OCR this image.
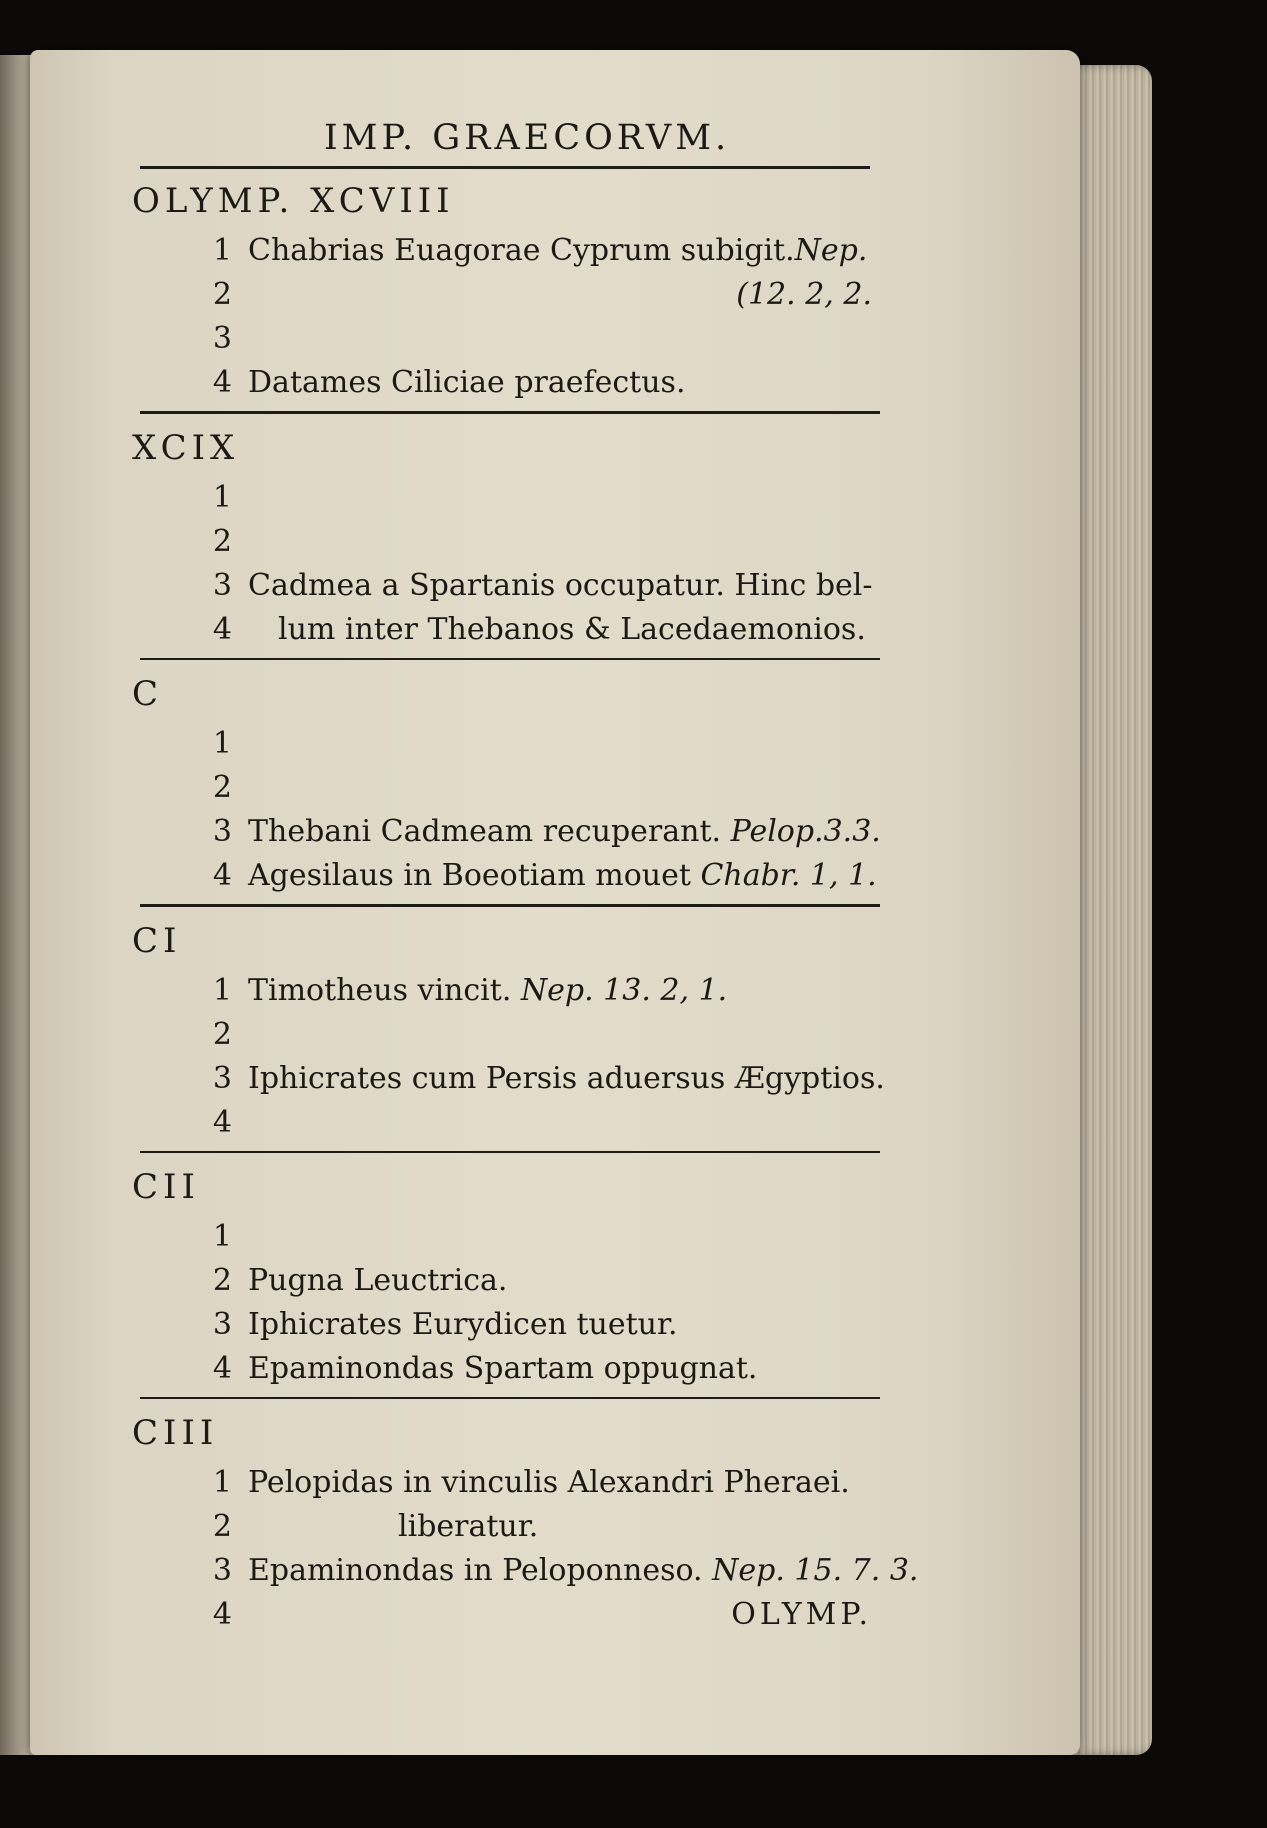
IMP. GRAECORVM.
OLYMP. XCVIII
1 Chabrias Euagorae Cyprum subigit.Nep.
2	(12. 2, 2.
3
4 Datames Ciliciae praefectus.
XCIX
1
2
3 Cadmea a Spartanis occupatur. Hinc bel-
4	lum inter Thebanos & Lacedaemonios.
C
1
2
3 Thebani Cadmeam recuperant. Pelop.3.3.
4 Agesilaus in Boeotiam mouet Chabr. 1, 1.
CI
1 Timotheus vincit. Nep. 13. 2, 1.
2
3 Iphicrates cum Persis aduersus Ægyptios.
4
CII
1
2 Pugna Leuctrica.
3 Iphicrates Eurydicen tuetur.
4 Epaminondas Spartam oppugnat.
CIII
1 Pelopidas in vinculis Alexandri Pheraei.
2	liberatur.
3 Epaminondas in Peloponneso. Nep. 15. 7. 3.
4	OLYMP.
